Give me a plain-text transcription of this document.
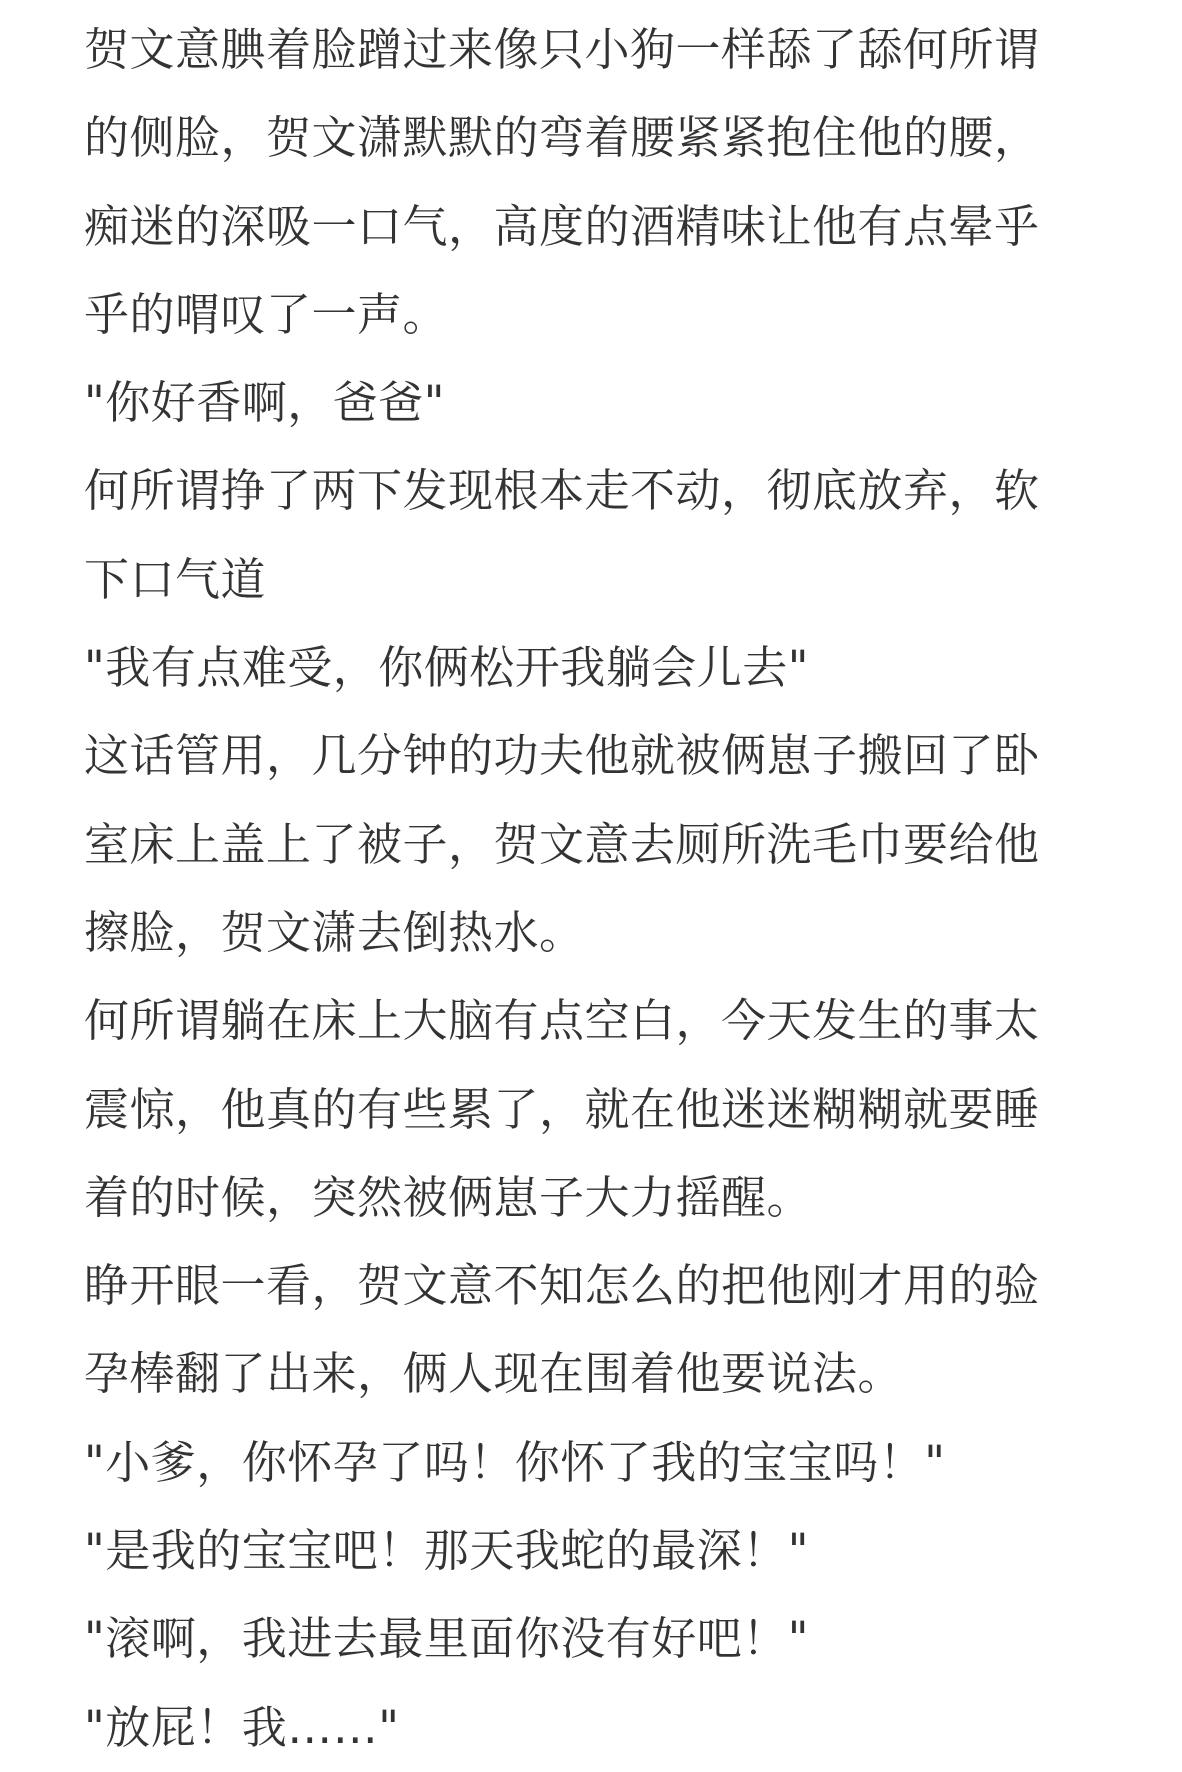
贺文意腆着脸蹭过来像只小狗一样舔了舔何所谓
的侧脸，贺文潇默默的弯着腰紧紧抱住他的腰，
痴迷的深吸一口气，高度的酒精味让他有点晕乎
乎的喟叹了一声。
"你好香啊，爸爸"
何所谓挣了两下发现根本走不动，彻底放弃，软
下口气道
"我有点难受，你俩松开我躺会儿去"
这话管用，几分钟的功夫他就被俩崽子搬回了卧
室床上盖上了被子，贺文意去厕所洗毛巾要给他
擦脸，贺文潇去倒热水。
何所谓躺在床上大脑有点空白，今天发生的事太
震惊，他真的有些累了，就在他迷迷糊糊就要睡
着的时候，突然被俩崽子大力摇醒。
睁开眼一看，贺文意不知怎么的把他刚才用的验
孕棒翻了出来，俩人现在围着他要说法。
"小爹，你怀孕了吗！你怀了我的宝宝吗！"
"是我的宝宝吧！那天我蛇的最深！"
"滚啊，我进去最里面你没有好吧！"
"放屁！我……"
